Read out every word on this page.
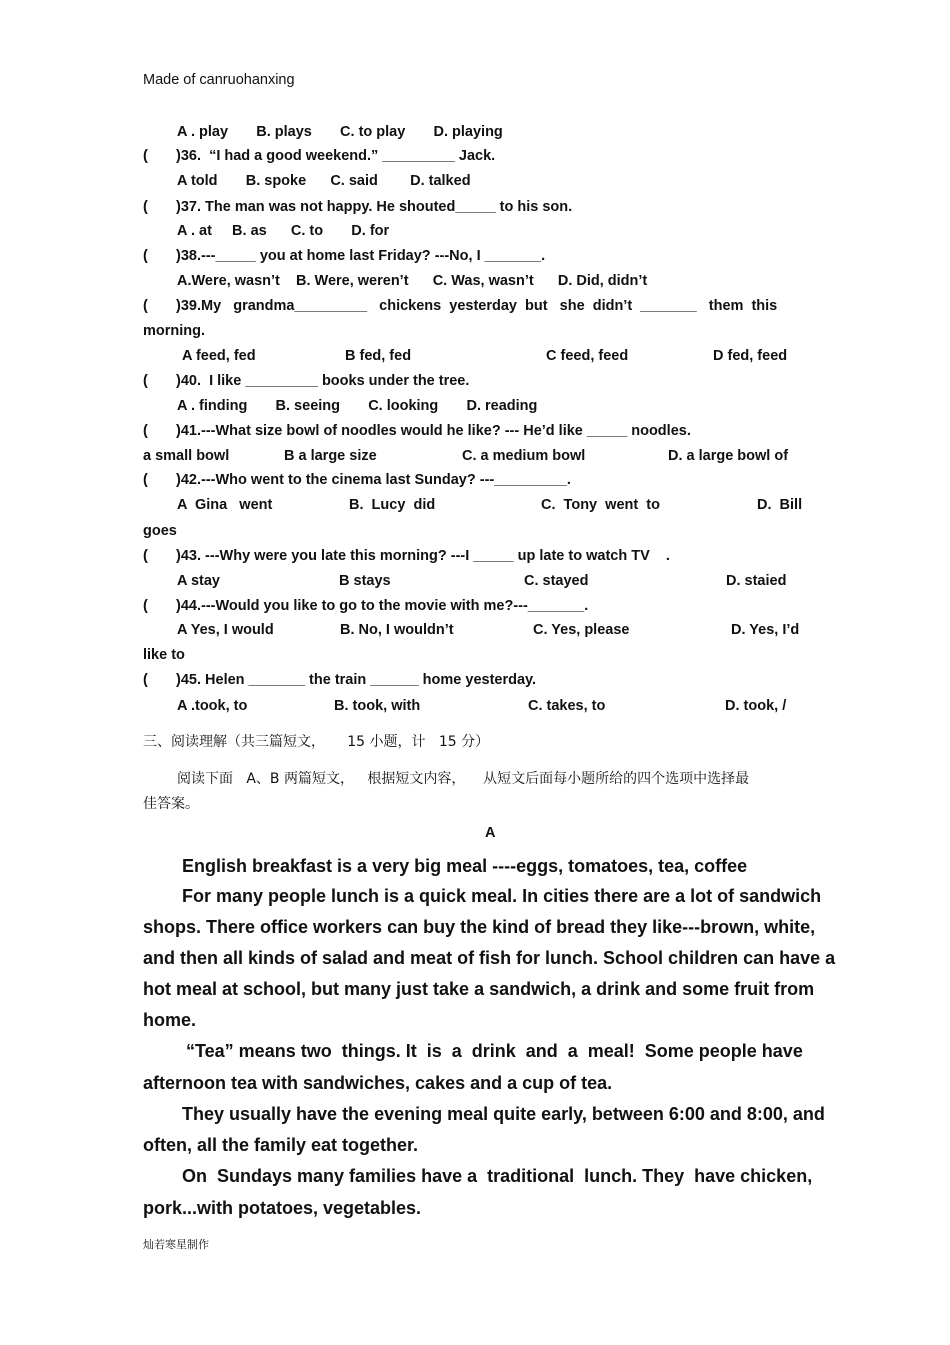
Made of canruohanxing
A . play       B. plays       C. to play       D. playing
(       )36.  “I had a good weekend.” _________ Jack.
A told       B. spoke      C. said        D. talked
(       )37. The man was not happy. He shouted_____ to his son.
A . at     B. as      C. to       D. for
(       )38.---_____ you at home last Friday? ---No, I _______.
A.Were, wasn’t    B. Were, weren’t      C. Was, wasn’t      D. Did, didn’t
(       )39.My   grandma_________   chickens  yesterday  but   she  didn’t  _______   them  this
morning.
A feed, fed	B fed, fed	C feed, feed	D fed, feed
(       )40.  I like _________ books under the tree.
A . finding       B. seeing       C. looking       D. reading
(       )41.---What size bowl of noodles would he like? --- He’d like _____ noodles.
a small bowl	B a large size	C. a medium bowl	D. a large bowl of
(       )42.---Who went to the cinema last Sunday? ---_________.
A  Gina   went	B.  Lucy  did	C.  Tony  went  to	D.  Bill
goes
(       )43. ---Why were you late this morning? ---I _____ up late to watch TV    .
A stay	B stays	C. stayed	D. staied
(       )44.---Would you like to go to the movie with me?---_______.
A Yes, I would	B. No, I wouldn’t	C. Yes, please	D. Yes, I’d
like to
(       )45. Helen _______ the train ______ home yesterday.
A .took, to	B. took, with	C. takes, to	D. took, /
三、阅读理解（共三篇短文，     15 小题，计   15 分）
阅读下面   A、B 两篇短文，   根据短文内容，    从短文后面每小题所给的四个选项中选择最
佳答案。
A
English breakfast is a very big meal ----eggs, tomatoes, tea, coffee
For many people lunch is a quick meal. In cities there are a lot of sandwich
shops. There office workers can buy the kind of bread they like---brown, white,
and then all kinds of salad and meat of fish for lunch. School children can have a
hot meal at school, but many just take a sandwich, a drink and some fruit from
home.
“Tea” means two  things. It  is  a  drink  and  a  meal!  Some people have
afternoon tea with sandwiches, cakes and a cup of tea.
They usually have the evening meal quite early, between 6:00 and 8:00, and
often, all the family eat together.
On  Sundays many families have a  traditional  lunch. They  have chicken,
pork...with potatoes, vegetables.
灿若寒星制作
